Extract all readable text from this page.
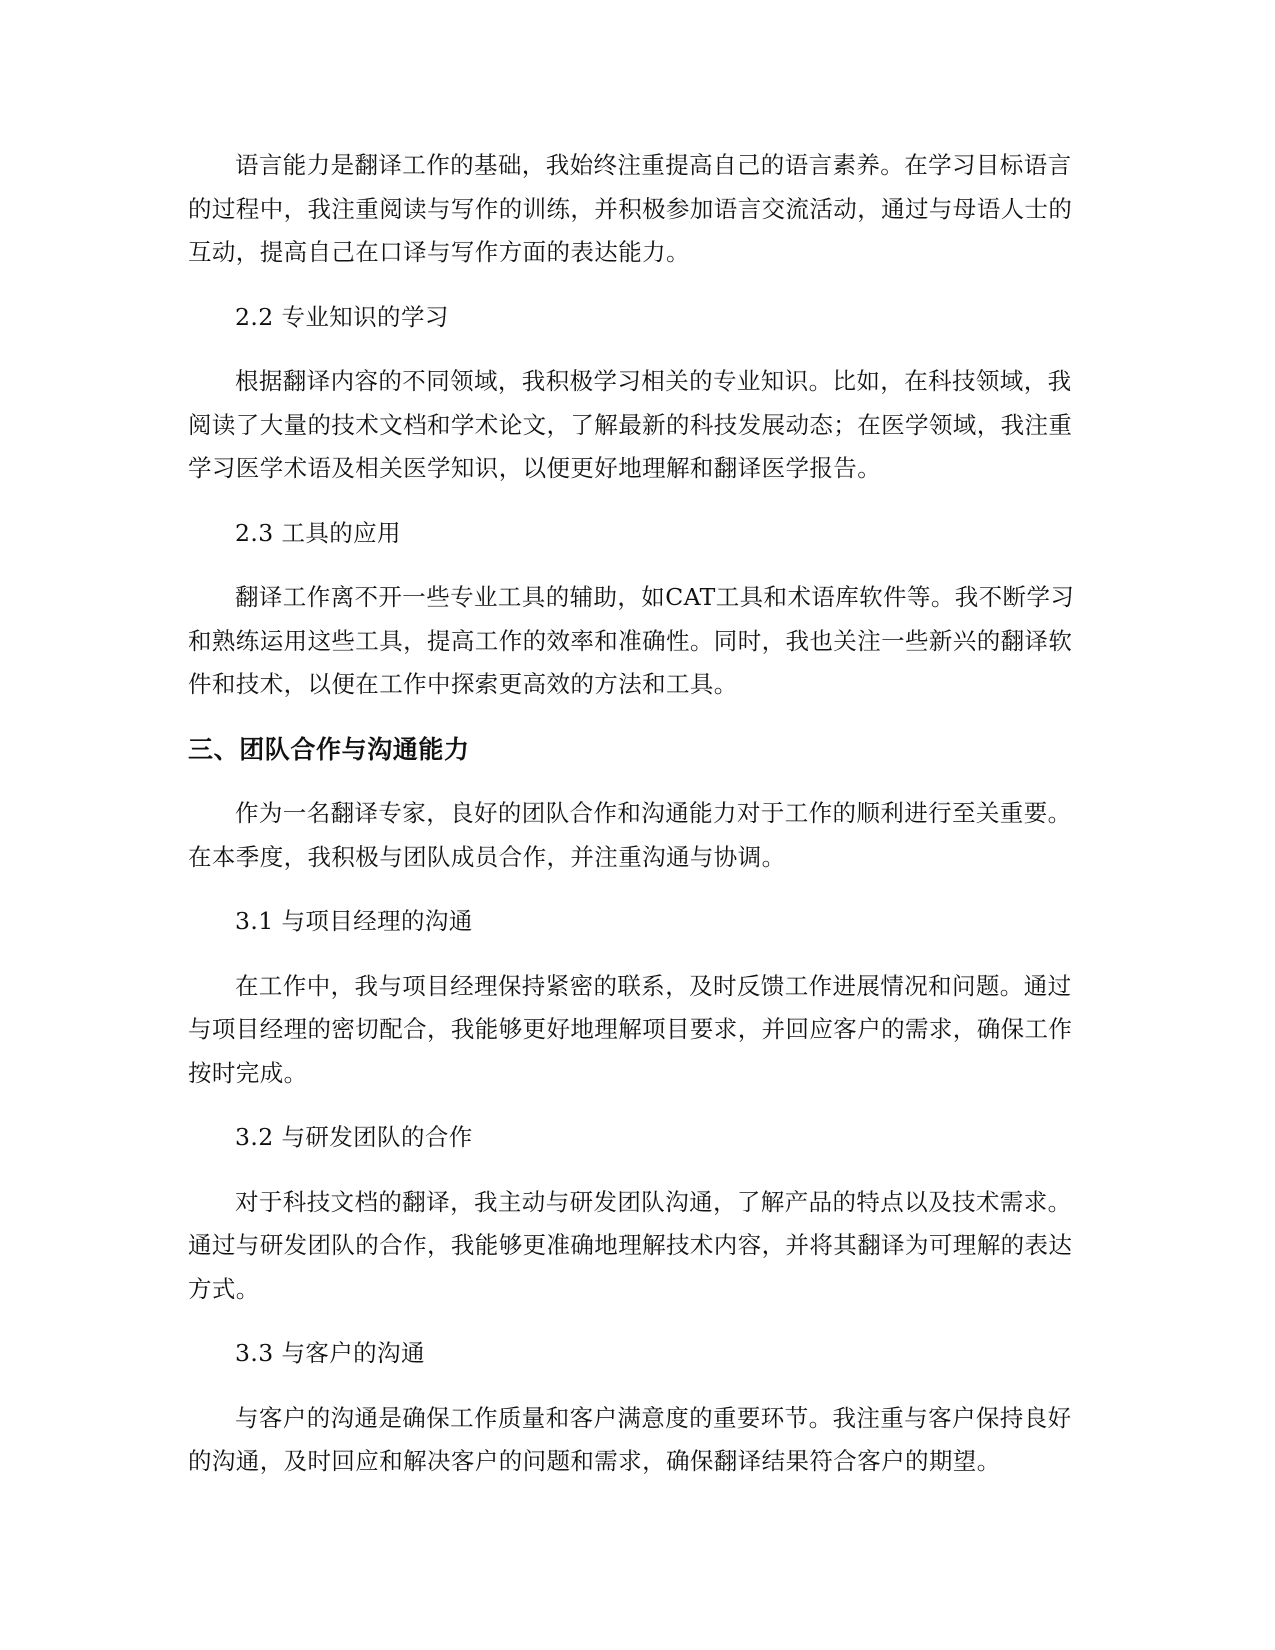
语言能力是翻译工作的基础，我始终注重提高自己的语言素养。在学习目标语言的过程中，我注重阅读与写作的训练，并积极参加语言交流活动，通过与母语人士的互动，提高自己在口译与写作方面的表达能力。

2.2 专业知识的学习

根据翻译内容的不同领域，我积极学习相关的专业知识。比如，在科技领域，我阅读了大量的技术文档和学术论文，了解最新的科技发展动态；在医学领域，我注重学习医学术语及相关医学知识，以便更好地理解和翻译医学报告。

2.3 工具的应用

翻译工作离不开一些专业工具的辅助，如CAT工具和术语库软件等。我不断学习和熟练运用这些工具，提高工作的效率和准确性。同时，我也关注一些新兴的翻译软件和技术，以便在工作中探索更高效的方法和工具。

三、团队合作与沟通能力

作为一名翻译专家，良好的团队合作和沟通能力对于工作的顺利进行至关重要。在本季度，我积极与团队成员合作，并注重沟通与协调。

3.1 与项目经理的沟通

在工作中，我与项目经理保持紧密的联系，及时反馈工作进展情况和问题。通过与项目经理的密切配合，我能够更好地理解项目要求，并回应客户的需求，确保工作按时完成。

3.2 与研发团队的合作

对于科技文档的翻译，我主动与研发团队沟通，了解产品的特点以及技术需求。通过与研发团队的合作，我能够更准确地理解技术内容，并将其翻译为可理解的表达方式。

3.3 与客户的沟通

与客户的沟通是确保工作质量和客户满意度的重要环节。我注重与客户保持良好的沟通，及时回应和解决客户的问题和需求，确保翻译结果符合客户的期望。
